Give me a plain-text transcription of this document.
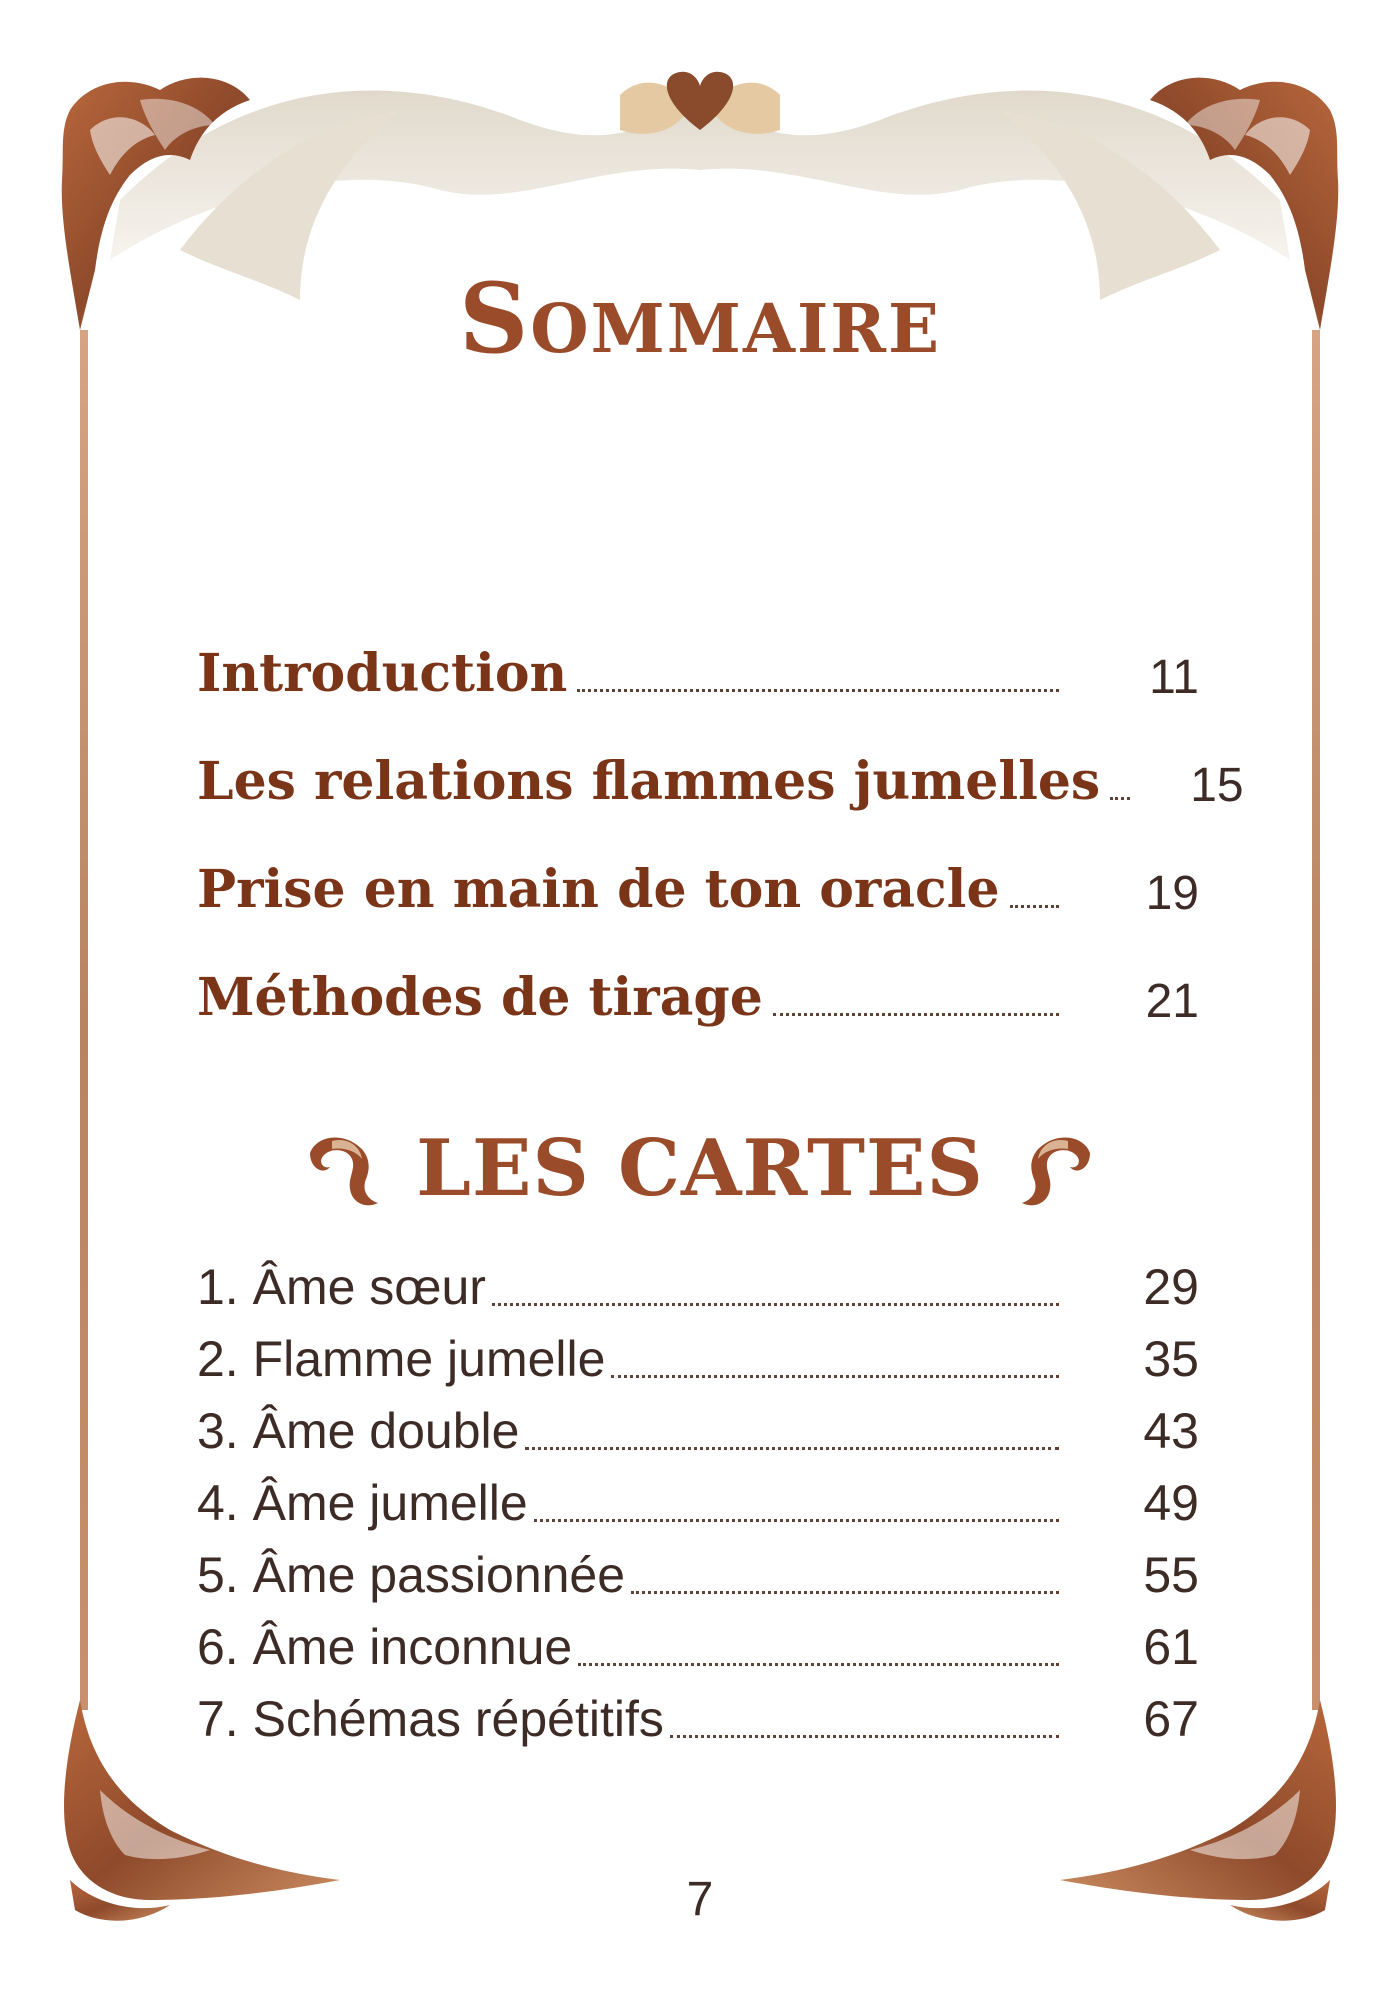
Sommaire
Introduction	11
Les relations flammes jumelles 15
Prise en main de ton oracle	19
Méthodes de tirage	21
LES CARTES
1. Âme sœur	29
2. Flamme jumelle	35
3. Âme double	43
4. Âme jumelle	49
5. Âme passionnée	55
6. Âme inconnue	61
7. Schémas répétitifs	67
7
